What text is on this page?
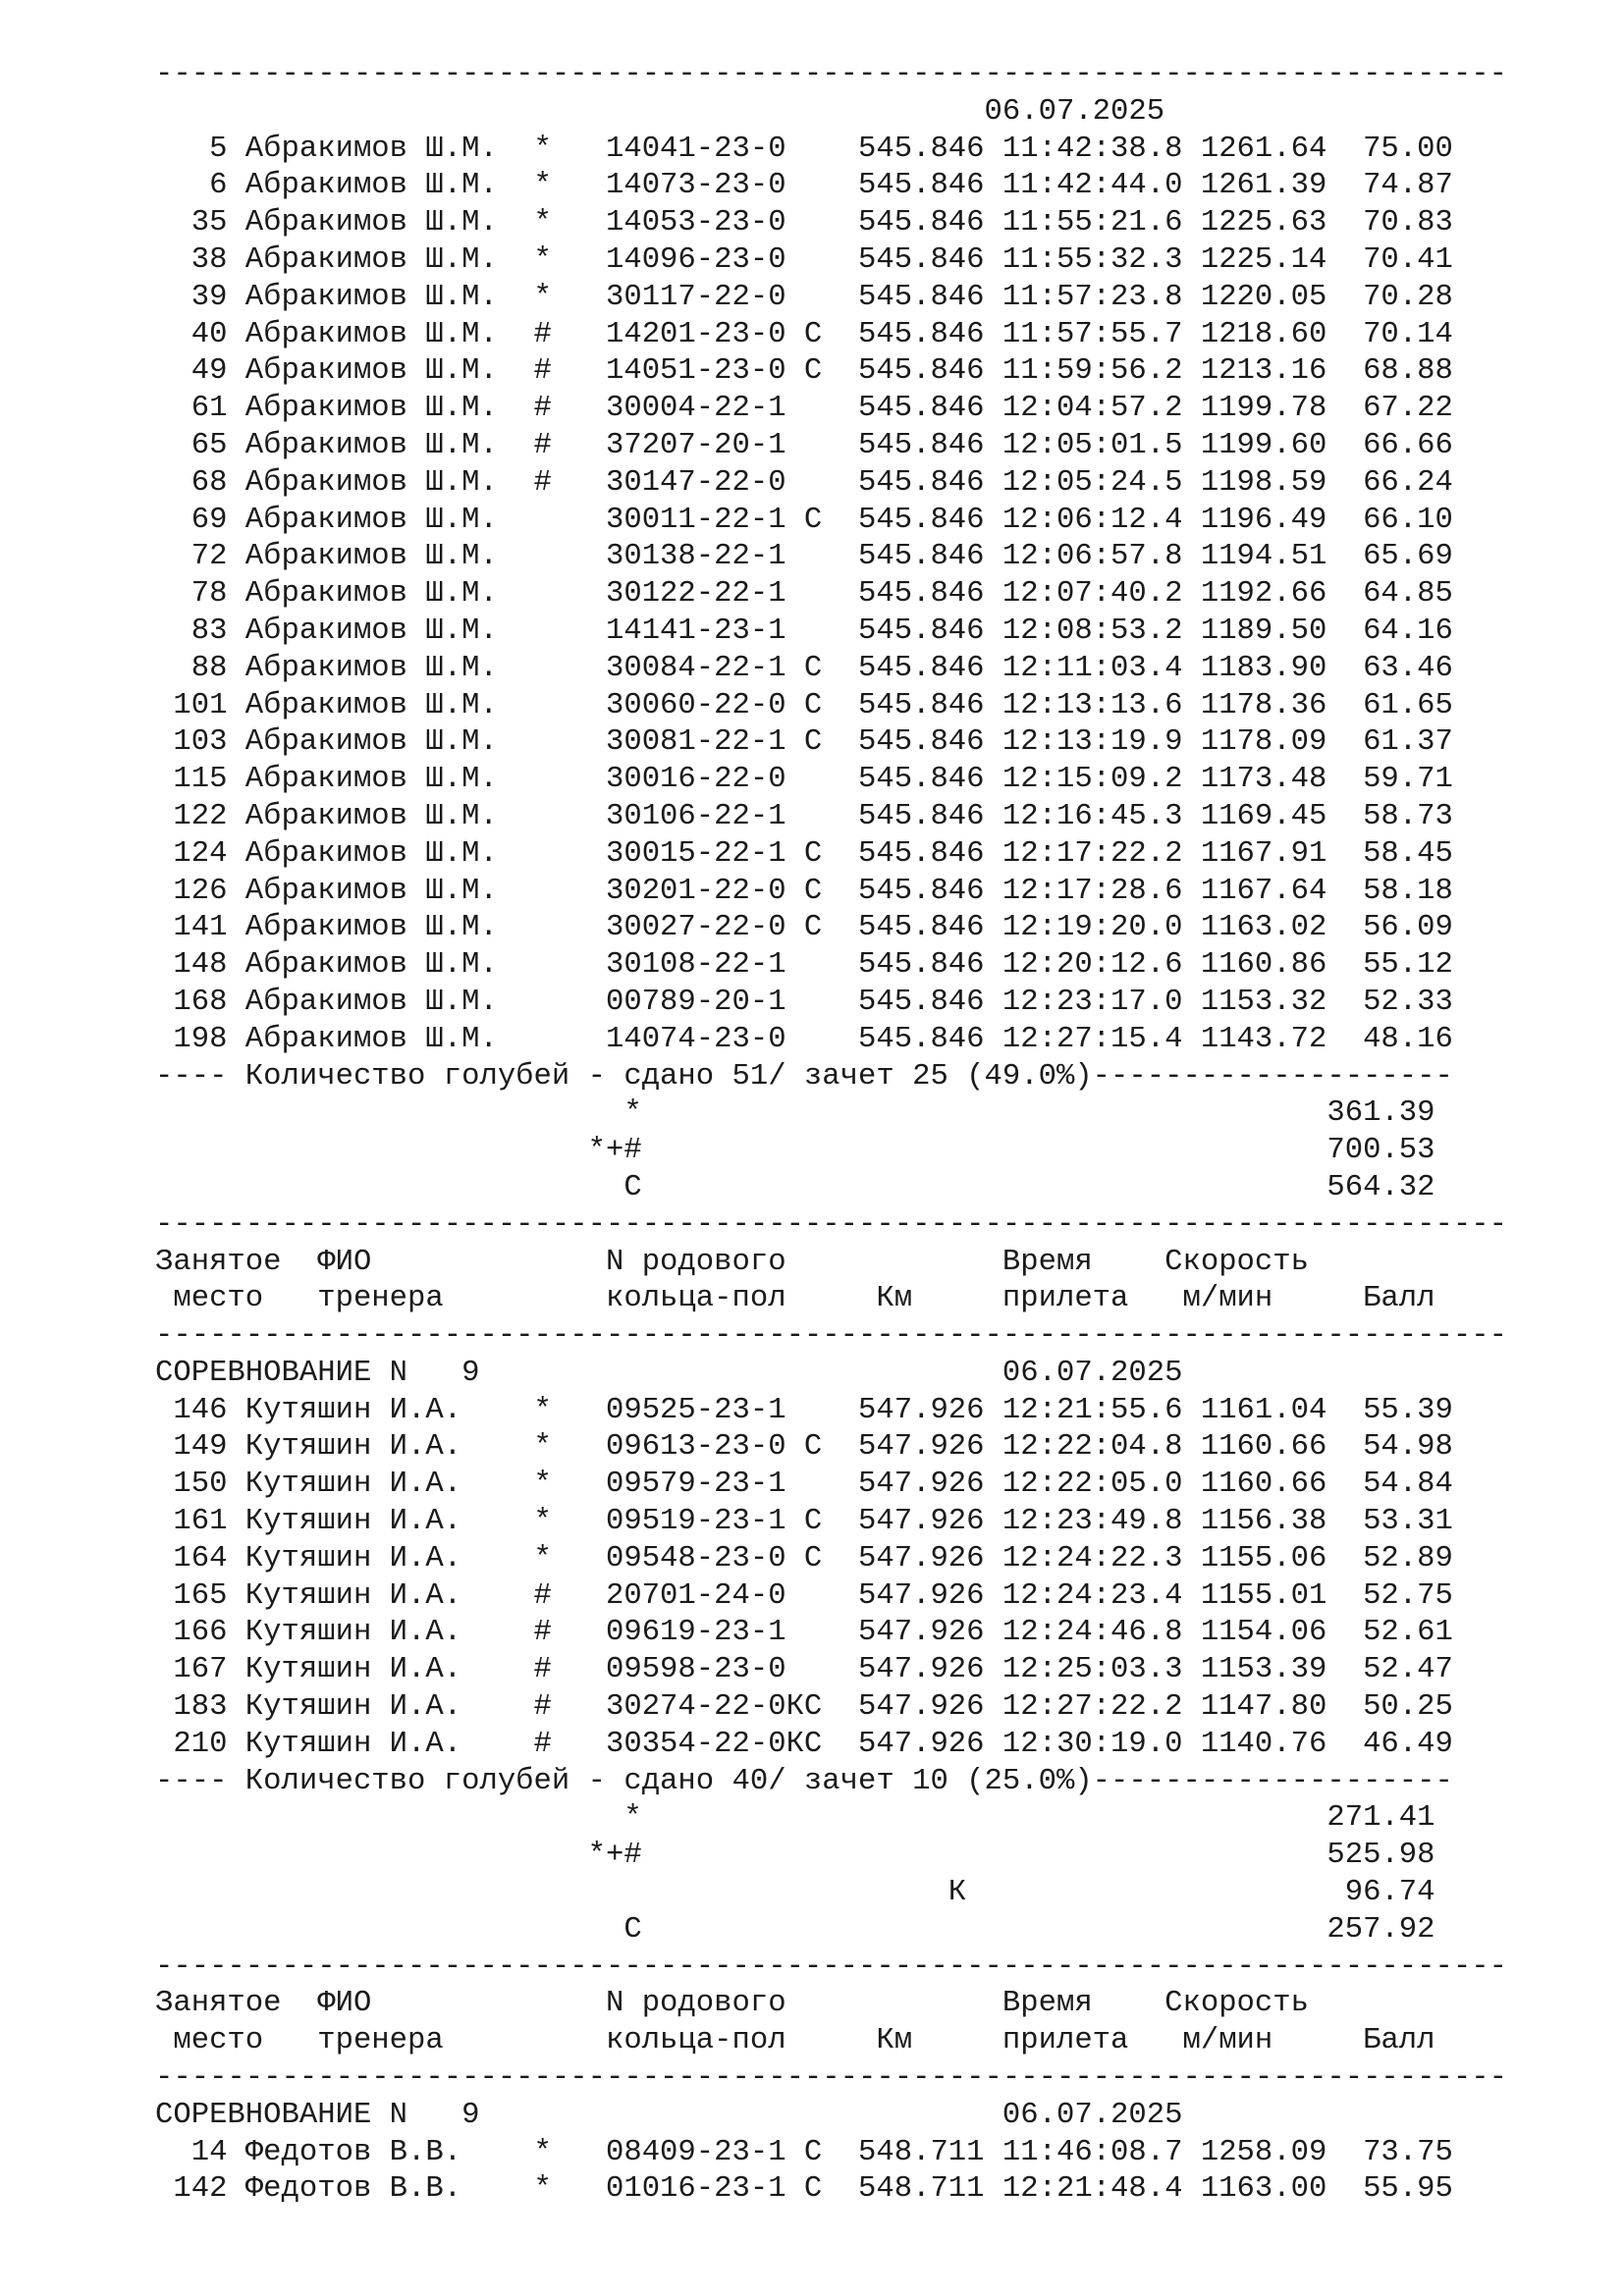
---------------------------------------------------------------------------
06.07.2025
5 Абракимов Ш.М.  *   14041-23-0    545.846 11:42:38.8 1261.64  75.00
6 Абракимов Ш.М.  *   14073-23-0    545.846 11:42:44.0 1261.39  74.87
35 Абракимов Ш.М.  *   14053-23-0    545.846 11:55:21.6 1225.63  70.83
38 Абракимов Ш.М.  *   14096-23-0    545.846 11:55:32.3 1225.14  70.41
39 Абракимов Ш.М.  *   30117-22-0    545.846 11:57:23.8 1220.05  70.28
40 Абракимов Ш.М.  #   14201-23-0 С  545.846 11:57:55.7 1218.60  70.14
49 Абракимов Ш.М.  #   14051-23-0 С  545.846 11:59:56.2 1213.16  68.88
61 Абракимов Ш.М.  #   30004-22-1    545.846 12:04:57.2 1199.78  67.22
65 Абракимов Ш.М.  #   37207-20-1    545.846 12:05:01.5 1199.60  66.66
68 Абракимов Ш.М.  #   30147-22-0    545.846 12:05:24.5 1198.59  66.24
69 Абракимов Ш.М.      30011-22-1 С  545.846 12:06:12.4 1196.49  66.10
72 Абракимов Ш.М.      30138-22-1    545.846 12:06:57.8 1194.51  65.69
78 Абракимов Ш.М.      30122-22-1    545.846 12:07:40.2 1192.66  64.85
83 Абракимов Ш.М.      14141-23-1    545.846 12:08:53.2 1189.50  64.16
88 Абракимов Ш.М.      30084-22-1 С  545.846 12:11:03.4 1183.90  63.46
101 Абракимов Ш.М.      30060-22-0 С  545.846 12:13:13.6 1178.36  61.65
103 Абракимов Ш.М.      30081-22-1 С  545.846 12:13:19.9 1178.09  61.37
115 Абракимов Ш.М.      30016-22-0    545.846 12:15:09.2 1173.48  59.71
122 Абракимов Ш.М.      30106-22-1    545.846 12:16:45.3 1169.45  58.73
124 Абракимов Ш.М.      30015-22-1 С  545.846 12:17:22.2 1167.91  58.45
126 Абракимов Ш.М.      30201-22-0 С  545.846 12:17:28.6 1167.64  58.18
141 Абракимов Ш.М.      30027-22-0 С  545.846 12:19:20.0 1163.02  56.09
148 Абракимов Ш.М.      30108-22-1    545.846 12:20:12.6 1160.86  55.12
168 Абракимов Ш.М.      00789-20-1    545.846 12:23:17.0 1153.32  52.33
198 Абракимов Ш.М.      14074-23-0    545.846 12:27:15.4 1143.72  48.16
---- Количество голубей - сдано 51/ зачет 25 (49.0%)--------------------
*                                      361.39
*+#                                      700.53
С                                      564.32
---------------------------------------------------------------------------
Занятое  ФИО             N родового            Время    Скорость
место   тренера         кольца-пол     Км     прилета   м/мин     Балл
---------------------------------------------------------------------------
СОРЕВНОВАНИЕ N   9                             06.07.2025
146 Кутяшин И.А.    *   09525-23-1    547.926 12:21:55.6 1161.04  55.39
149 Кутяшин И.А.    *   09613-23-0 С  547.926 12:22:04.8 1160.66  54.98
150 Кутяшин И.А.    *   09579-23-1    547.926 12:22:05.0 1160.66  54.84
161 Кутяшин И.А.    *   09519-23-1 С  547.926 12:23:49.8 1156.38  53.31
164 Кутяшин И.А.    *   09548-23-0 С  547.926 12:24:22.3 1155.06  52.89
165 Кутяшин И.А.    #   20701-24-0    547.926 12:24:23.4 1155.01  52.75
166 Кутяшин И.А.    #   09619-23-1    547.926 12:24:46.8 1154.06  52.61
167 Кутяшин И.А.    #   09598-23-0    547.926 12:25:03.3 1153.39  52.47
183 Кутяшин И.А.    #   30274-22-0КС  547.926 12:27:22.2 1147.80  50.25
210 Кутяшин И.А.    #   30354-22-0КС  547.926 12:30:19.0 1140.76  46.49
---- Количество голубей - сдано 40/ зачет 10 (25.0%)--------------------
*                                      271.41
*+#                                      525.98
К                     96.74
С                                      257.92
---------------------------------------------------------------------------
Занятое  ФИО             N родового            Время    Скорость
место   тренера         кольца-пол     Км     прилета   м/мин     Балл
---------------------------------------------------------------------------
СОРЕВНОВАНИЕ N   9                             06.07.2025
14 Федотов В.В.    *   08409-23-1 С  548.711 11:46:08.7 1258.09  73.75
142 Федотов В.В.    *   01016-23-1 С  548.711 12:21:48.4 1163.00  55.95
